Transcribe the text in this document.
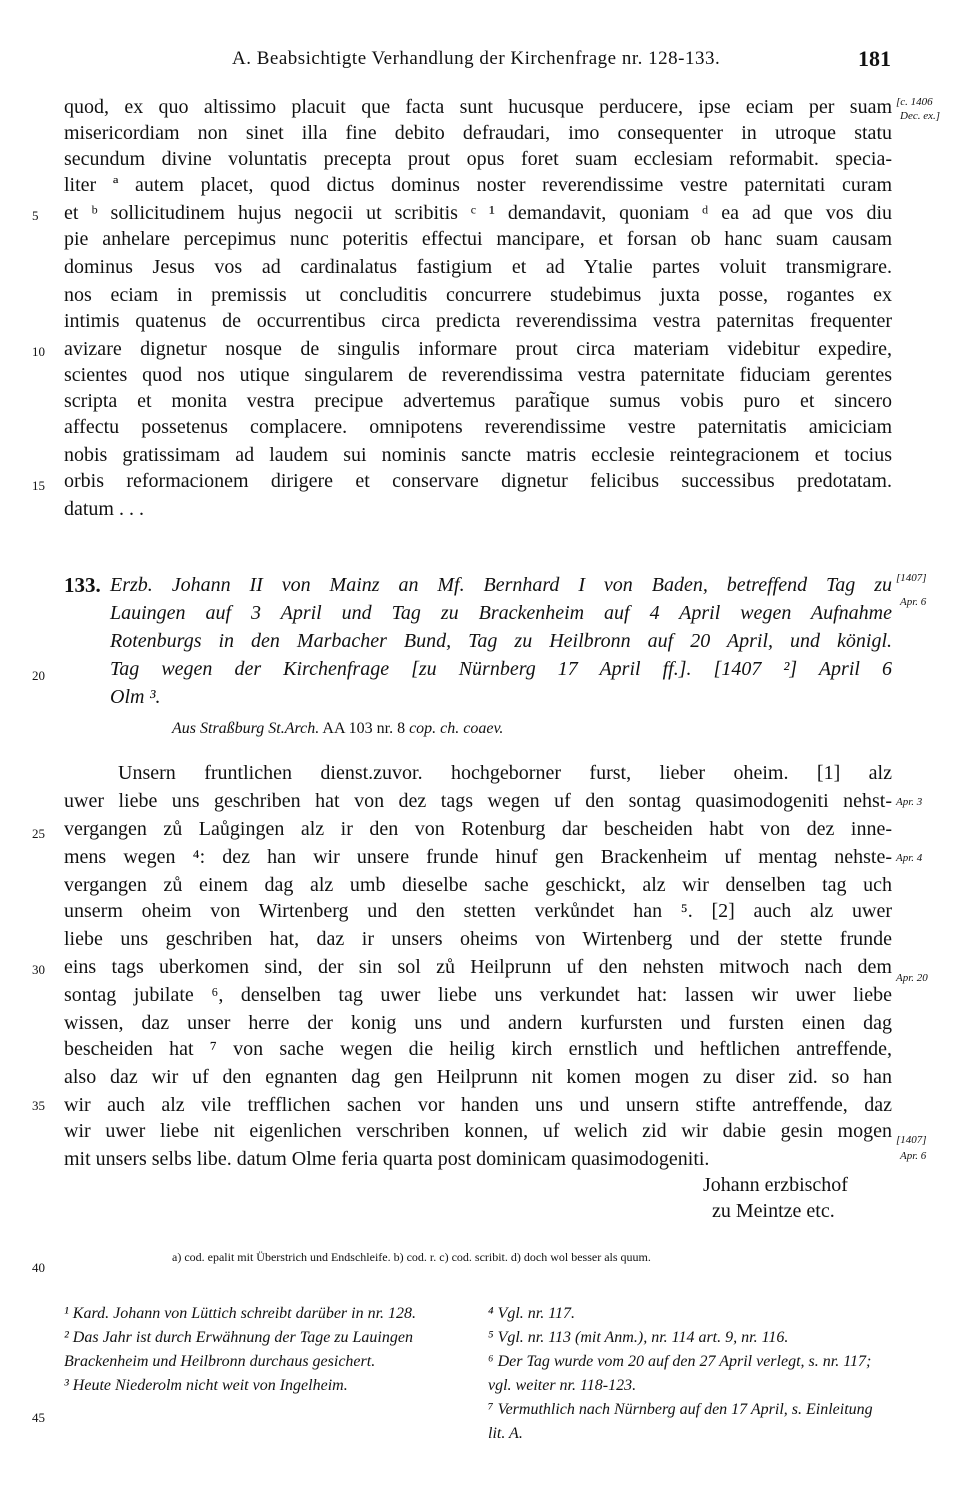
A. Beabsichtigte Verhandlung der Kirchenfrage nr. 128-133.	181
quod, ex quo altissimo placuit que facta sunt hucusque perducere, ipse eciam per suam
misericordiam non sinet illa fine debito defraudari, imo consequenter in utroque statu
secundum divine voluntatis precepta prout opus foret suam ecclesiam reformabit. specia-
liter ª autem placet, quod dictus dominus noster reverendissime vestre paternitati curam
et ᵇ sollicitudinem hujus negocii ut scribitis ᶜ ¹ demandavit, quoniam ᵈ ea ad que vos diu
pie anhelare percepimus nunc poteritis effectui mancipare, et forsan ob hanc suam causam
dominus Jesus vos ad cardinalatus fastigium et ad Ytalie partes voluit transmigrare.
nos eciam in premissis ut concluditis concurrere studebimus juxta posse, rogantes ex
intimis quatenus de occurrentibus circa predicta reverendissima vestra paternitas frequenter
avizare dignetur nosque de singulis informare prout circa materiam videbitur expedire,
scientes quod nos utique singularem de reverendissima vestra paternitate fiduciam gerentes
scripta et monita vestra precipue advertemus parat̃ique sumus vobis puro et sincero
affectu possetenus complacere. omnipotens reverendissime vestre paternitatis amiciciam
nobis gratissimam ad laudem sui nominis sancte matris ecclesie reintegracionem et tocius
orbis reformacionem dirigere et conservare dignetur felicibus successibus predotatam.
datum . . .
5
10
15
20
25
30
35
40
45
[c. 1406
Dec. ex.]
[1407]
Apr. 6
Apr. 3
Apr. 4
Apr. 20
[1407]
Apr. 6
133. Erzb. Johann II von Mainz an Mf. Bernhard I von Baden, betreffend Tag zu
Lauingen auf 3 April und Tag zu Brackenheim auf 4 April wegen Aufnahme
Rotenburgs in den Marbacher Bund, Tag zu Heilbronn auf 20 April, und königl.
Tag wegen der Kirchenfrage [zu Nürnberg 17 April ff.]. [1407 ²] April 6
Olm ³.
Aus Straßburg St.Arch. AA 103 nr. 8 cop. ch. coaev.
Unsern fruntlichen dienst.zuvor. hochgeborner furst, lieber oheim. [1] alz
uwer liebe uns geschriben hat von dez tags wegen uf den sontag quasimodogeniti nehst-
vergangen zů Laůgingen alz ir den von Rotenburg dar bescheiden habt von dez inne-
mens wegen ⁴: dez han wir unsere frunde hinuf gen Brackenheim uf mentag nehste-
vergangen zů einem dag alz umb dieselbe sache geschickt, alz wir denselben tag uch
unserm oheim von Wirtenberg und den stetten verkůndet han ⁵. [2] auch alz uwer
liebe uns geschriben hat, daz ir unsers oheims von Wirtenberg und der stette frunde
eins tags uberkomen sind, der sin sol zů Heilprunn uf den nehsten mitwoch nach dem
sontag jubilate ⁶, denselben tag uwer liebe uns verkundet hat: lassen wir uwer liebe
wissen, daz unser herre der konig uns und andern kurfursten und fursten einen dag
bescheiden hat ⁷ von sache wegen die heilig kirch ernstlich und heftlichen antreffende,
also daz wir uf den egnanten dag gen Heilprunn nit komen mogen zu diser zid. so han
wir auch alz vile trefflichen sachen vor handen uns und unsern stifte antreffende, daz
wir uwer liebe nit eigenlichen verschriben konnen, uf welich zid wir dabie gesin mogen
mit unsers selbs libe. datum Olme feria quarta post dominicam quasimodogeniti.
Johann erzbischof
zu Meintze etc.
a) cod. epalit mit Überstrich und Endschleife. b) cod. r. c) cod. scribit. d) doch wol besser als quum.
¹ Kard. Johann von Lüttich schreibt darüber in nr. 128.
² Das Jahr ist durch Erwähnung der Tage zu Lauingen Brackenheim und Heilbronn durchaus gesichert.
³ Heute Niederolm nicht weit von Ingelheim.
⁴ Vgl. nr. 117.
⁵ Vgl. nr. 113 (mit Anm.), nr. 114 art. 9, nr. 116.
⁶ Der Tag wurde vom 20 auf den 27 April verlegt, s. nr. 117; vgl. weiter nr. 118-123.
⁷ Vermuthlich nach Nürnberg auf den 17 April, s. Einleitung lit. A.
